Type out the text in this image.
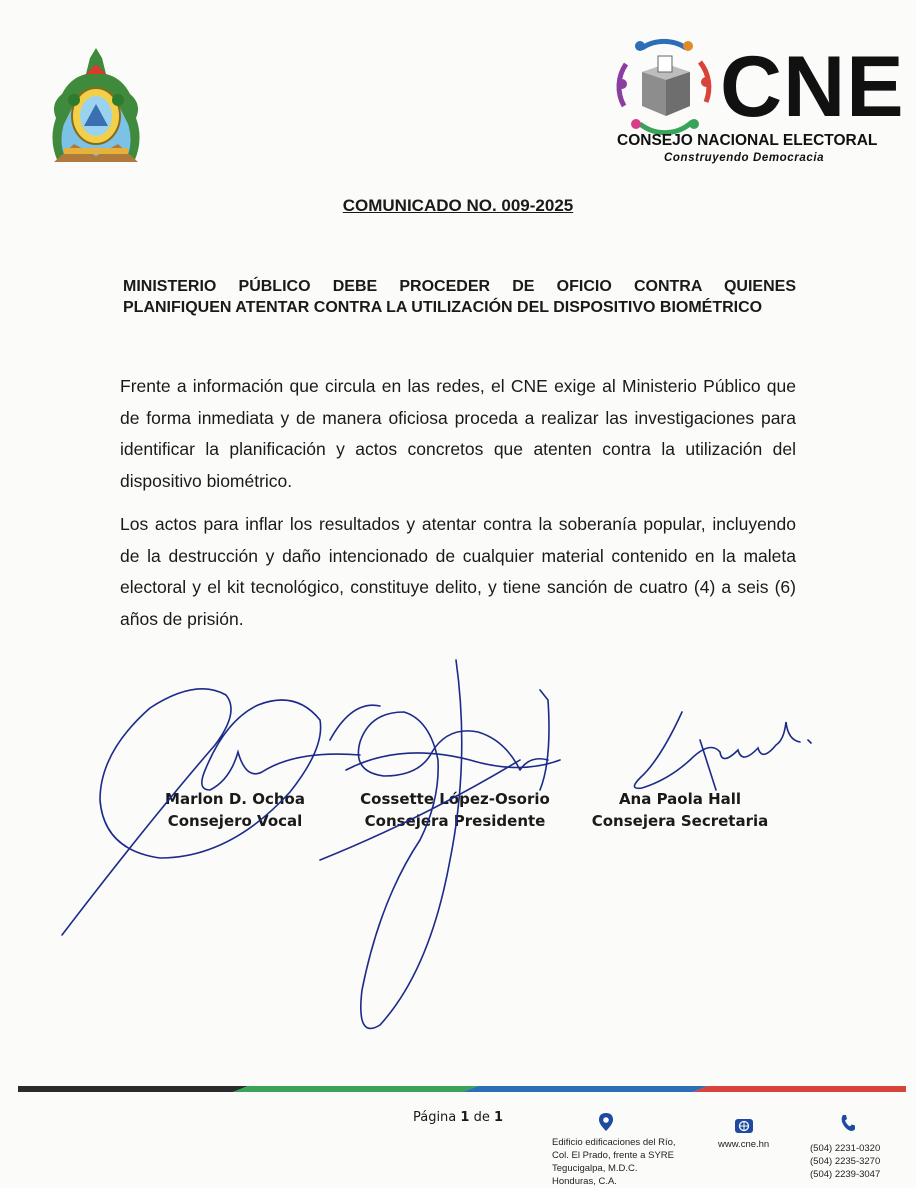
CNE
CONSEJO NACIONAL ELECTORAL
Construyendo Democracia
COMUNICADO NO. 009-2025
MINISTERIO PÚBLICO DEBE PROCEDER DE OFICIO CONTRA QUIENES
PLANIFIQUEN ATENTAR CONTRA LA UTILIZACIÓN DEL DISPOSITIVO BIOMÉTRICO

Frente a información que circula en las redes, el CNE exige al Ministerio Público que de forma inmediata y de manera oficiosa proceda a realizar las investigaciones para identificar la planificación y actos concretos que atenten contra la utilización del dispositivo biométrico.

Los actos para inflar los resultados y atentar contra la soberanía popular, incluyendo de la destrucción y daño intencionado de cualquier material contenido en la maleta electoral y el kit tecnológico, constituye delito, y tiene sanción de cuatro (4) a seis (6) años de prisión.

Marlon D. Ochoa
Consejero Vocal
Cossette López-Osorio
Consejera Presidente
Ana Paola Hall
Consejera Secretaria
Página 1 de 1
Edificio edificaciones del Río,
Col. El Prado, frente a SYRE
Tegucigalpa, M.D.C.
Honduras, C.A.
www.cne.hn	(504) 2231-0320
(504) 2235-3270
(504) 2239-3047
